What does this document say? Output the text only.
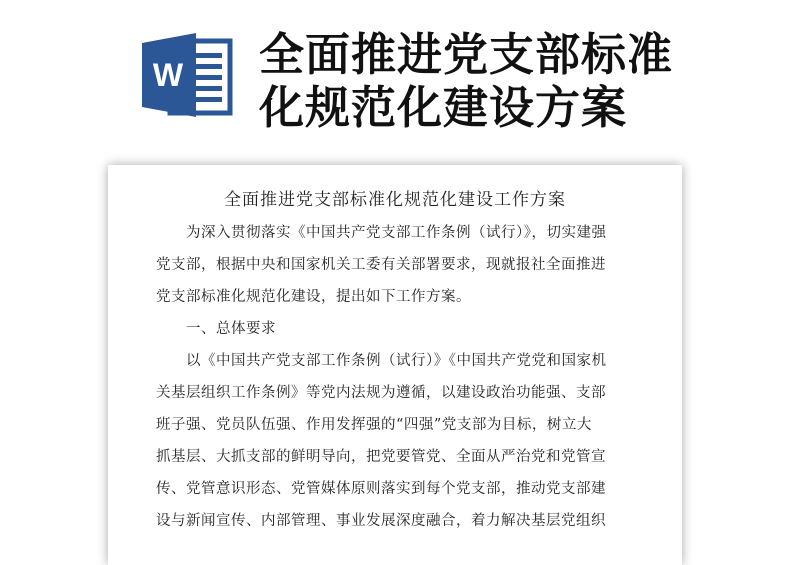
W 全面推进党支部标准
化规范化建设方案
全面推进党支部标准化规范化建设工作方案
为深入贯彻落实《中国共产党支部工作条例（试行）》，切实建强
党支部，根据中央和国家机关工委有关部署要求，现就报社全面推进
党支部标准化规范化建设，提出如下工作方案。
一、总体要求
以《中国共产党支部工作条例（试行）》《中国共产党党和国家机
关基层组织工作条例》等党内法规为遵循，以建设政治功能强、支部
班子强、党员队伍强、作用发挥强的“四强”党支部为目标，树立大
抓基层、大抓支部的鲜明导向，把党要管党、全面从严治党和党管宣
传、党管意识形态、党管媒体原则落实到每个党支部，推动党支部建
设与新闻宣传、内部管理、事业发展深度融合，着力解决基层党组织
